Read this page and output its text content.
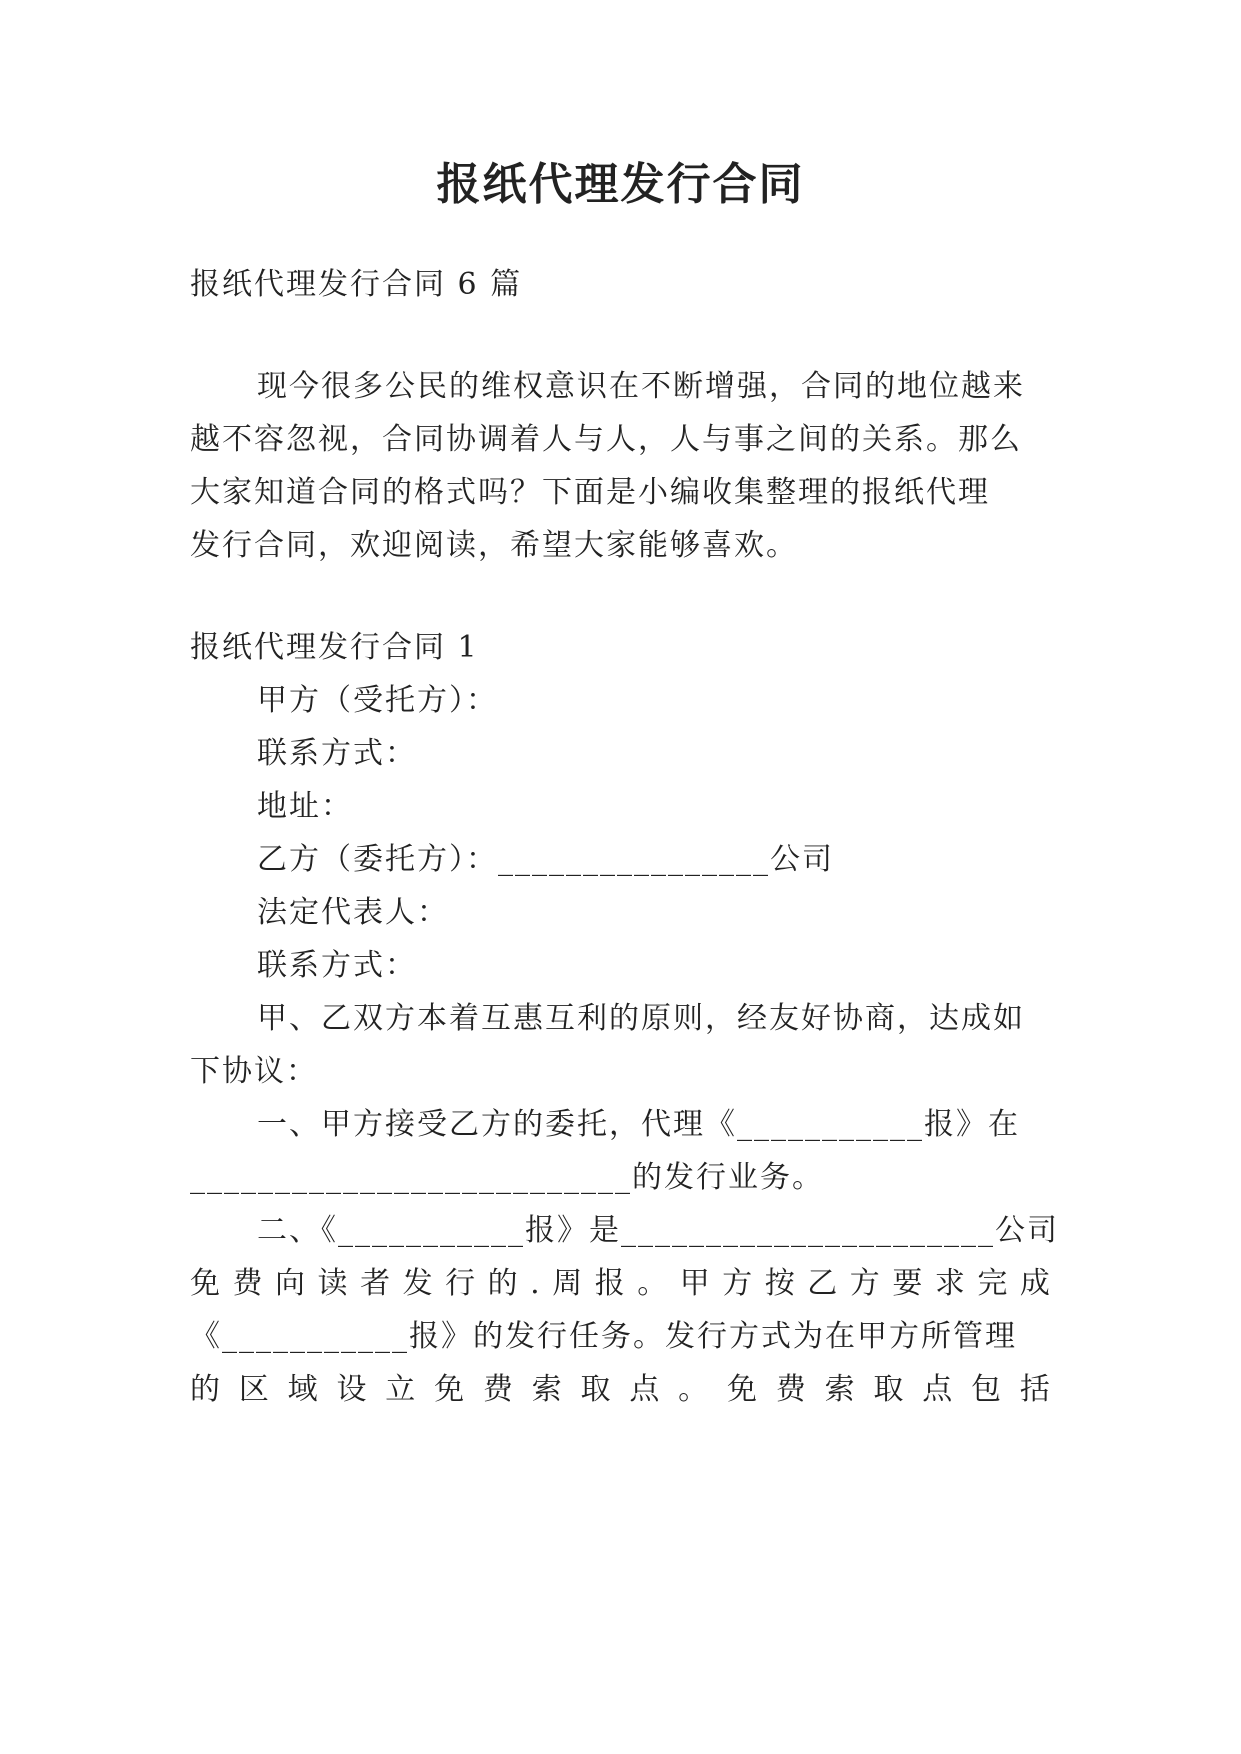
报纸代理发行合同
报纸代理发行合同 6 篇
现今很多公民的维权意识在不断增强，合同的地位越来
越不容忽视，合同协调着人与人，人与事之间的关系。那么
大家知道合同的格式吗？下面是小编收集整理的报纸代理
发行合同，欢迎阅读，希望大家能够喜欢。
报纸代理发行合同 1
甲方（受托方）：
联系方式：
地址：
乙方（委托方）：________________公司
法定代表人：
联系方式：
甲、乙双方本着互惠互利的原则，经友好协商，达成如
下协议：
一、甲方接受乙方的委托，代理《___________报》在
__________________________的发行业务。
二、《___________报》是______________________公司
免 费 向 读 者 发 行 的 . 周 报 。 甲 方 按 乙 方 要 求 完 成
《___________报》的发行任务。发行方式为在甲方所管理
的 区 域 设 立 免 费 索 取 点 。 免 费 索 取 点 包 括
